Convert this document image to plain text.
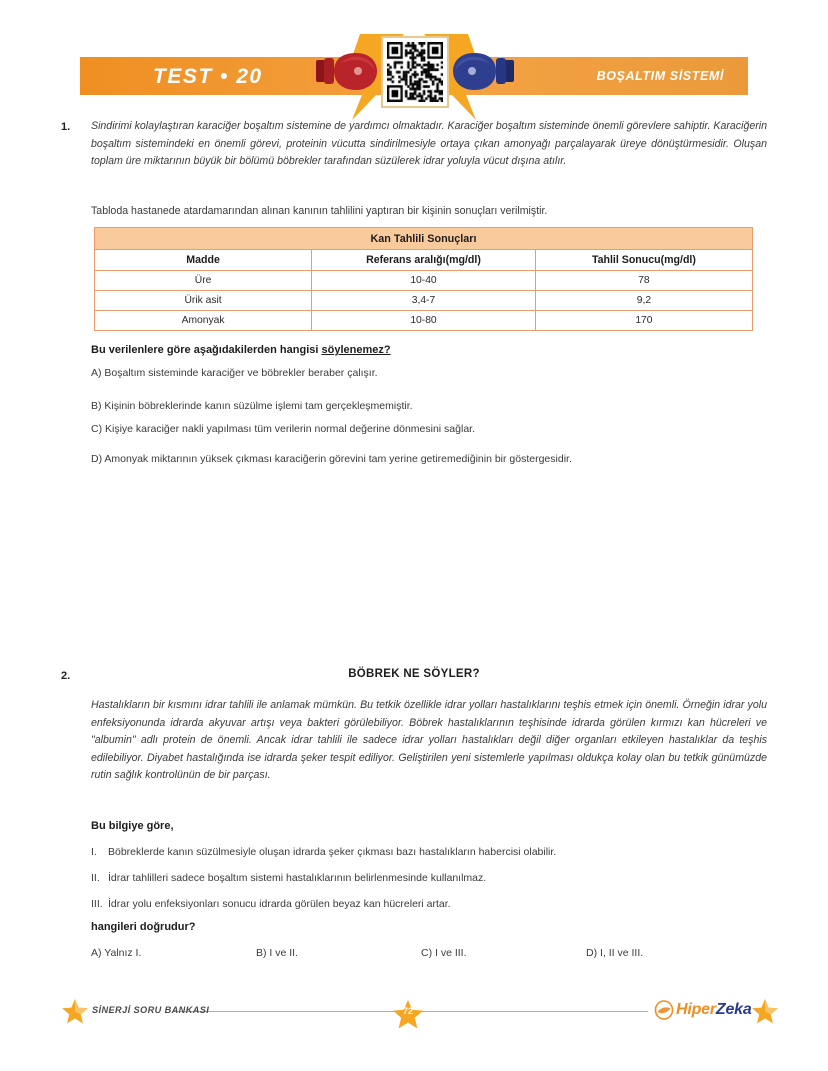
TEST • 20	BOŞALTIM SİSTEMİ
1. Sindirimi kolaylaştıran karaciğer boşaltım sistemine de yardımcı olmaktadır. Karaciğer boşaltım sisteminde önemli görevlere sahiptir. Karaciğerin boşaltım sistemindeki en önemli görevi, proteinin vücutta sindirilmesiyle ortaya çıkan amonyağı parçalayarak üreye dönüştürmesidir. Oluşan toplam üre miktarının büyük bir bölümü böbrekler tarafından süzülerek idrar yoluyla vücut dışına atılır.
Tabloda hastanede atardamarından alınan kanının tahlilini yaptıran bir kişinin sonuçları verilmiştir.
Kan Tahlili Sonuçları		
Madde	Referans aralığı(mg/dl)	Tahlil Sonucu(mg/dl)
Üre	10-40	78
Ürik asit	3,4-7	9,2
Amonyak	10-80	170
Bu verilenlere göre aşağıdakilerden hangisi söylenemez?
A) Boşaltım sisteminde karaciğer ve böbrekler beraber çalışır.
B) Kişinin böbreklerinde kanın süzülme işlemi tam gerçekleşmemiştir.
C) Kişiye karaciğer nakli yapılması tüm verilerin normal değerine dönmesini sağlar.
D) Amonyak miktarının yüksek çıkması karaciğerin görevini tam yerine getiremediğinin bir göstergesidir.
2.	BÖBREK NE SÖYLER?
Hastalıkların bir kısmını idrar tahlili ile anlamak mümkün. Bu tetkik özellikle idrar yolları hastalıklarını teşhis etmek için önemli. Örneğin idrar yolu enfeksiyonunda idrarda akyuvar artışı veya bakteri görülebiliyor. Böbrek hastalıklarının teşhisinde idrarda görülen kırmızı kan hücreleri ve "albumin" adlı protein de önemli. Ancak idrar tahlili ile sadece idrar yolları hastalıkları değil diğer organları etkileyen hastalıklar da teşhis edilebiliyor. Diyabet hastalığında ise idrarda şeker tespit ediliyor. Geliştirilen yeni sistemlerle yapılması oldukça kolay olan bu tetkik günümüzde rutin sağlık kontrolünün de bir parçası.
Bu bilgiye göre,
I. Böbreklerde kanın süzülmesiyle oluşan idrarda şeker çıkması bazı hastalıkların habercisi olabilir.
II. İdrar tahlilleri sadece boşaltım sistemi hastalıklarının belirlenmesinde kullanılmaz.
III. İdrar yolu enfeksiyonları sonucu idrarda görülen beyaz kan hücreleri artar.
hangileri doğrudur?
A) Yalnız I.	B) I ve II.	C) I ve III.	D) I, II ve III.
SİNERJİ SORU BANKASI	72	Hiper Zeka
